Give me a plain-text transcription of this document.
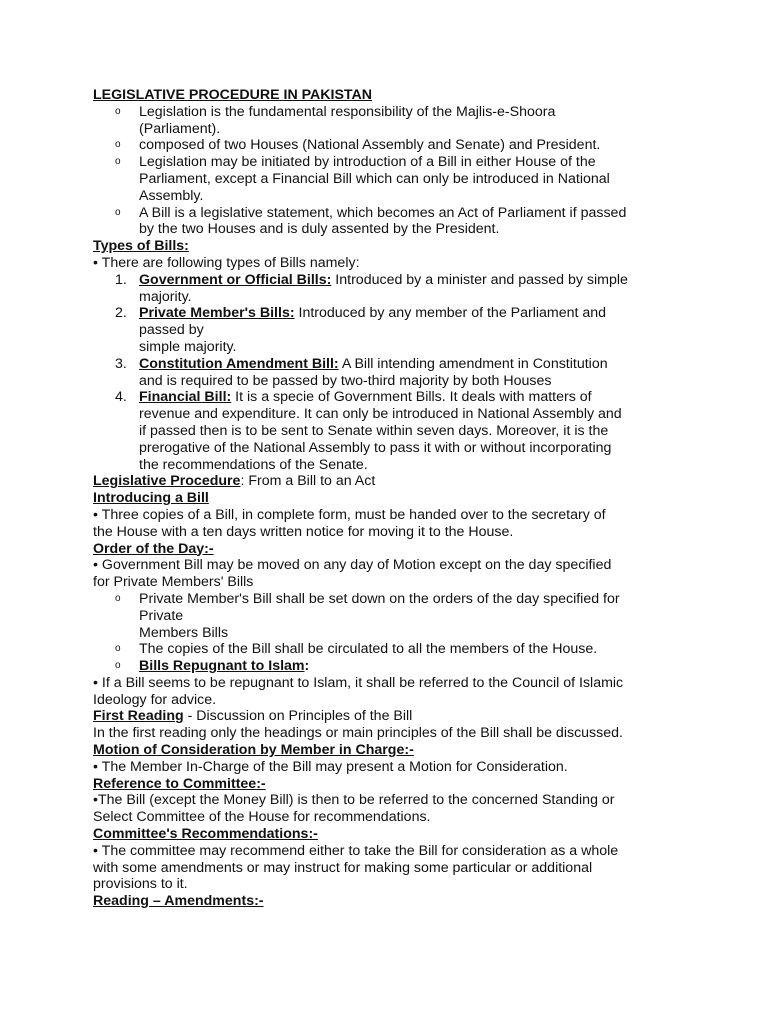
LEGISLATIVE PROCEDURE IN PAKISTAN
o Legislation is the fundamental responsibility of the Majlis-e-Shoora
(Parliament).
o composed of two Houses (National Assembly and Senate) and President.
o Legislation may be initiated by introduction of a Bill in either House of the
Parliament, except a Financial Bill which can only be introduced in National
Assembly.
o A Bill is a legislative statement, which becomes an Act of Parliament if passed
by the two Houses and is duly assented by the President.
Types of Bills:
• There are following types of Bills namely:
1. Government or Official Bills: Introduced by a minister and passed by simple
majority.
2. Private Member's Bills: Introduced by any member of the Parliament and
passed by
simple majority.
3. Constitution Amendment Bill: A Bill intending amendment in Constitution
and is required to be passed by two-third majority by both Houses
4. Financial Bill: It is a specie of Government Bills. It deals with matters of
revenue and expenditure. It can only be introduced in National Assembly and
if passed then is to be sent to Senate within seven days. Moreover, it is the
prerogative of the National Assembly to pass it with or without incorporating
the recommendations of the Senate.
Legislative Procedure: From a Bill to an Act
Introducing a Bill
• Three copies of a Bill, in complete form, must be handed over to the secretary of
the House with a ten days written notice for moving it to the House.
Order of the Day:-
• Government Bill may be moved on any day of Motion except on the day specified
for Private Members' Bills
o Private Member's Bill shall be set down on the orders of the day specified for
Private
Members Bills
o The copies of the Bill shall be circulated to all the members of the House.
o Bills Repugnant to Islam:
• If a Bill seems to be repugnant to Islam, it shall be referred to the Council of Islamic
Ideology for advice.
First Reading - Discussion on Principles of the Bill
In the first reading only the headings or main principles of the Bill shall be discussed.
Motion of Consideration by Member in Charge:-
• The Member In-Charge of the Bill may present a Motion for Consideration.
Reference to Committee:-
•The Bill (except the Money Bill) is then to be referred to the concerned Standing or
Select Committee of the House for recommendations.
Committee's Recommendations:-
• The committee may recommend either to take the Bill for consideration as a whole
with some amendments or may instruct for making some particular or additional
provisions to it.
Reading – Amendments:-
